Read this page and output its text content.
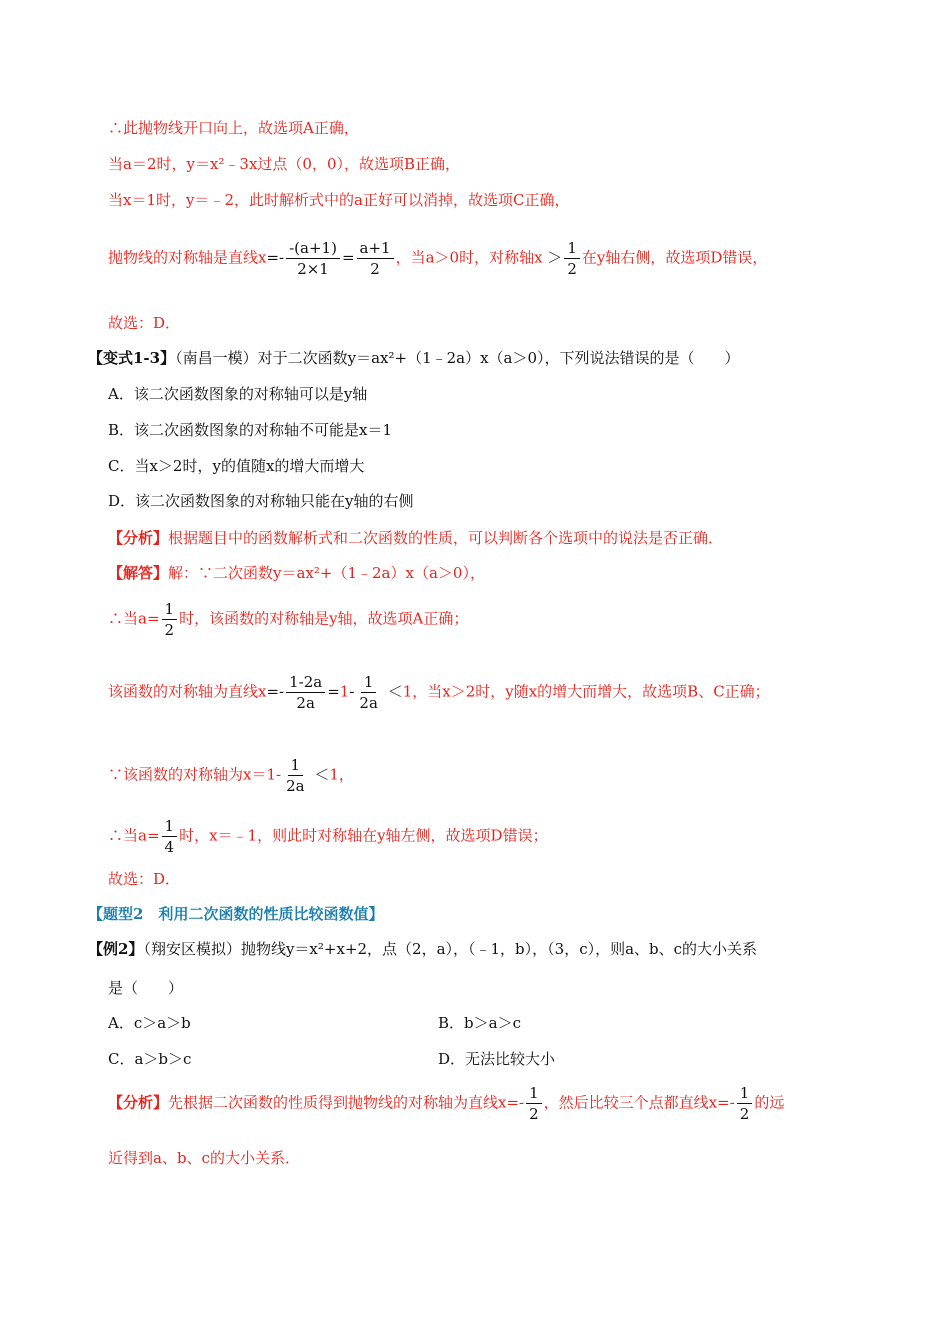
∴此抛物线开口向上，故选项A正确，
当a＝2时，y＝x²﹣3x过点（0，0），故选项B正确，
当x＝1时，y＝﹣2，此时解析式中的a正好可以消掉，故选项C正确，
抛物线的对称轴是直线$x=- \frac{-(a+1)}{2\times 1} = \frac{a+1}{2}$ ，当a＞0时，对称轴$x > \frac{1}{2}$ 在y轴右侧，故选项D错误，
故选：D．
【变式1-3】（南昌一模）对于二次函数y＝ax²+（1﹣2a）x（a＞0），下列说法错误的是（　　）
A．该二次函数图象的对称轴可以是y轴
B．该二次函数图象的对称轴不可能是x＝1
C．当x＞2时，y的值随x的增大而增大
D．该二次函数图象的对称轴只能在y轴的右侧
【分析】根据题目中的函数解析式和二次函数的性质，可以判断各个选项中的说法是否正确．
【解答】解：∵二次函数y＝ax²+（1﹣2a）x（a＞0），
∴当$a= \frac{1}{2}$ 时，该函数的对称轴是y轴，故选项A正确；
该函数的对称轴为直线$x=- \frac{1-2a}{2a} =1- \frac{1}{2a} <1$，当x＞2时，y随x的增大而增大，故选项B、C正确；
∵该函数的对称轴为$x=1- \frac{1}{2a} <1$，
∴当$a= \frac{1}{4}$ 时，x＝﹣1，则此时对称轴在y轴左侧，故选项D错误；
故选：D．
【题型2　利用二次函数的性质比较函数值】
【例2】（翔安区模拟）抛物线y＝x²+x+2，点（2，a），（﹣1，b），（3，c），则a、b、c的大小关系
是（　　）
A．c＞a＞b	B．b＞a＞c
C．a＞b＞c	D．无法比较大小
【分析】先根据二次函数的性质得到抛物线的对称轴为直线$x=- \frac{1}{2}$ ，然后比较三个点都直线$x=- \frac{1}{2}$ 的远
近得到a、b、c的大小关系．
